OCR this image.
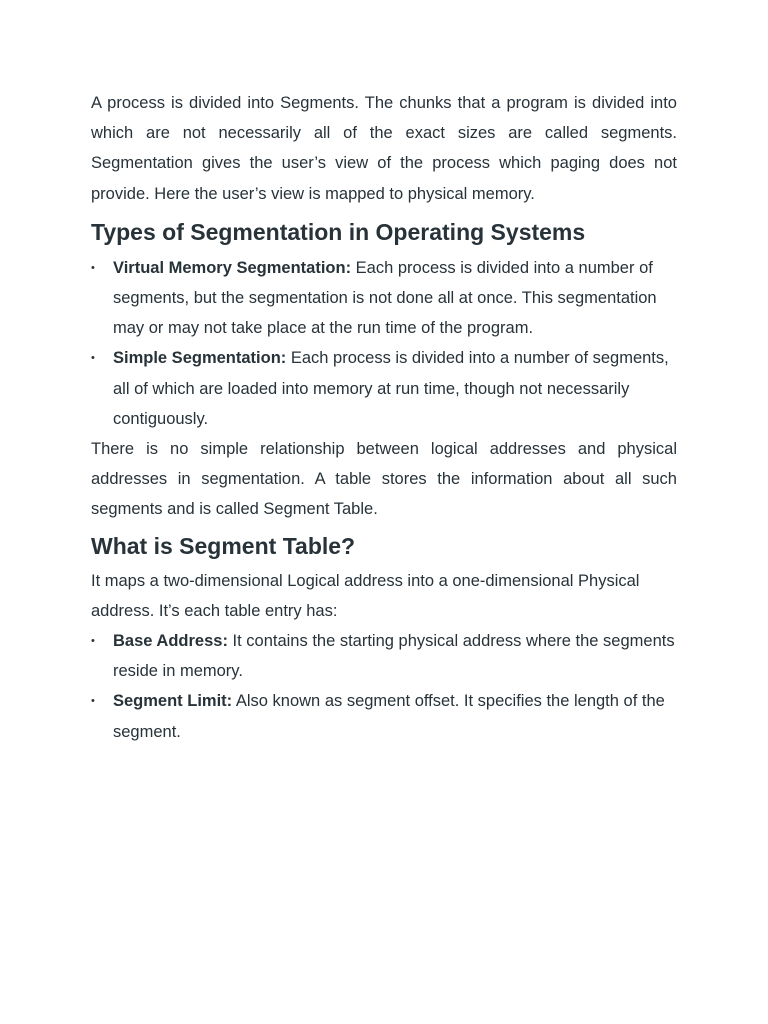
A process is divided into Segments. The chunks that a program is divided into which are not necessarily all of the exact sizes are called segments. Segmentation gives the user’s view of the process which paging does not provide. Here the user’s view is mapped to physical memory.

Types of Segmentation in Operating Systems
• Virtual Memory Segmentation: Each process is divided into a number of segments, but the segmentation is not done all at once. This segmentation may or may not take place at the run time of the program.
• Simple Segmentation: Each process is divided into a number of segments, all of which are loaded into memory at run time, though not necessarily contiguously.

There is no simple relationship between logical addresses and physical addresses in segmentation. A table stores the information about all such segments and is called Segment Table.

What is Segment Table?

It maps a two-dimensional Logical address into a one-dimensional Physical address. It’s each table entry has:

• Base Address: It contains the starting physical address where the segments reside in memory.
• Segment Limit: Also known as segment offset. It specifies the length of the segment.
